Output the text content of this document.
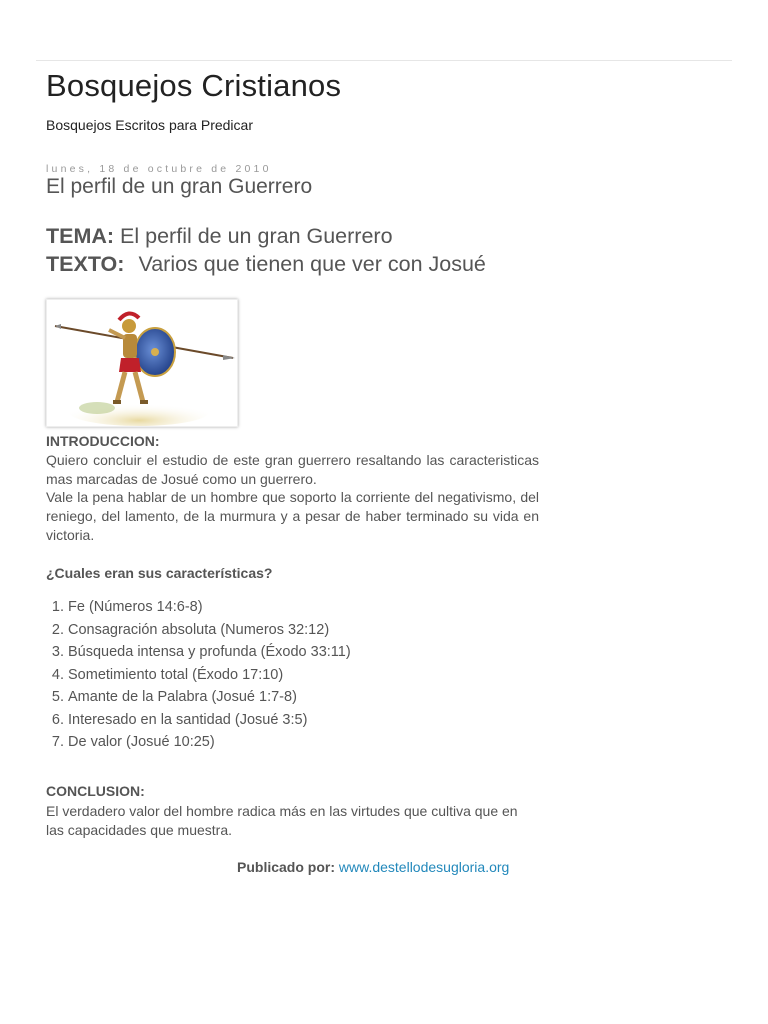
Bosquejos Cristianos
Bosquejos Escritos para Predicar
lunes, 18 de octubre de 2010
El perfil de un gran Guerrero
TEMA: El perfil de un gran Guerrero
TEXTO: Varios que tienen que ver con Josué
INTRODUCCION:
Quiero concluir el estudio de este gran guerrero resaltando las caracteristicas mas marcadas de Josué como un guerrero.
Vale la pena hablar de un hombre que soporto la corriente del negativismo, del reniego, del lamento, de la murmura y a pesar de haber terminado su vida en victoria.
¿Cuales eran sus características?
1. Fe (Números 14:6-8)
2. Consagración absoluta (Numeros 32:12)
3. Búsqueda intensa y profunda (Éxodo 33:11)
4. Sometimiento total (Éxodo 17:10)
5. Amante de la Palabra (Josué 1:7-8)
6. Interesado en la santidad (Josué 3:5)
7. De valor (Josué 10:25)
CONCLUSION:
El verdadero valor del hombre radica más en las virtudes que cultiva que en las capacidades que muestra.
Publicado por: www.destellodesugloria.org
